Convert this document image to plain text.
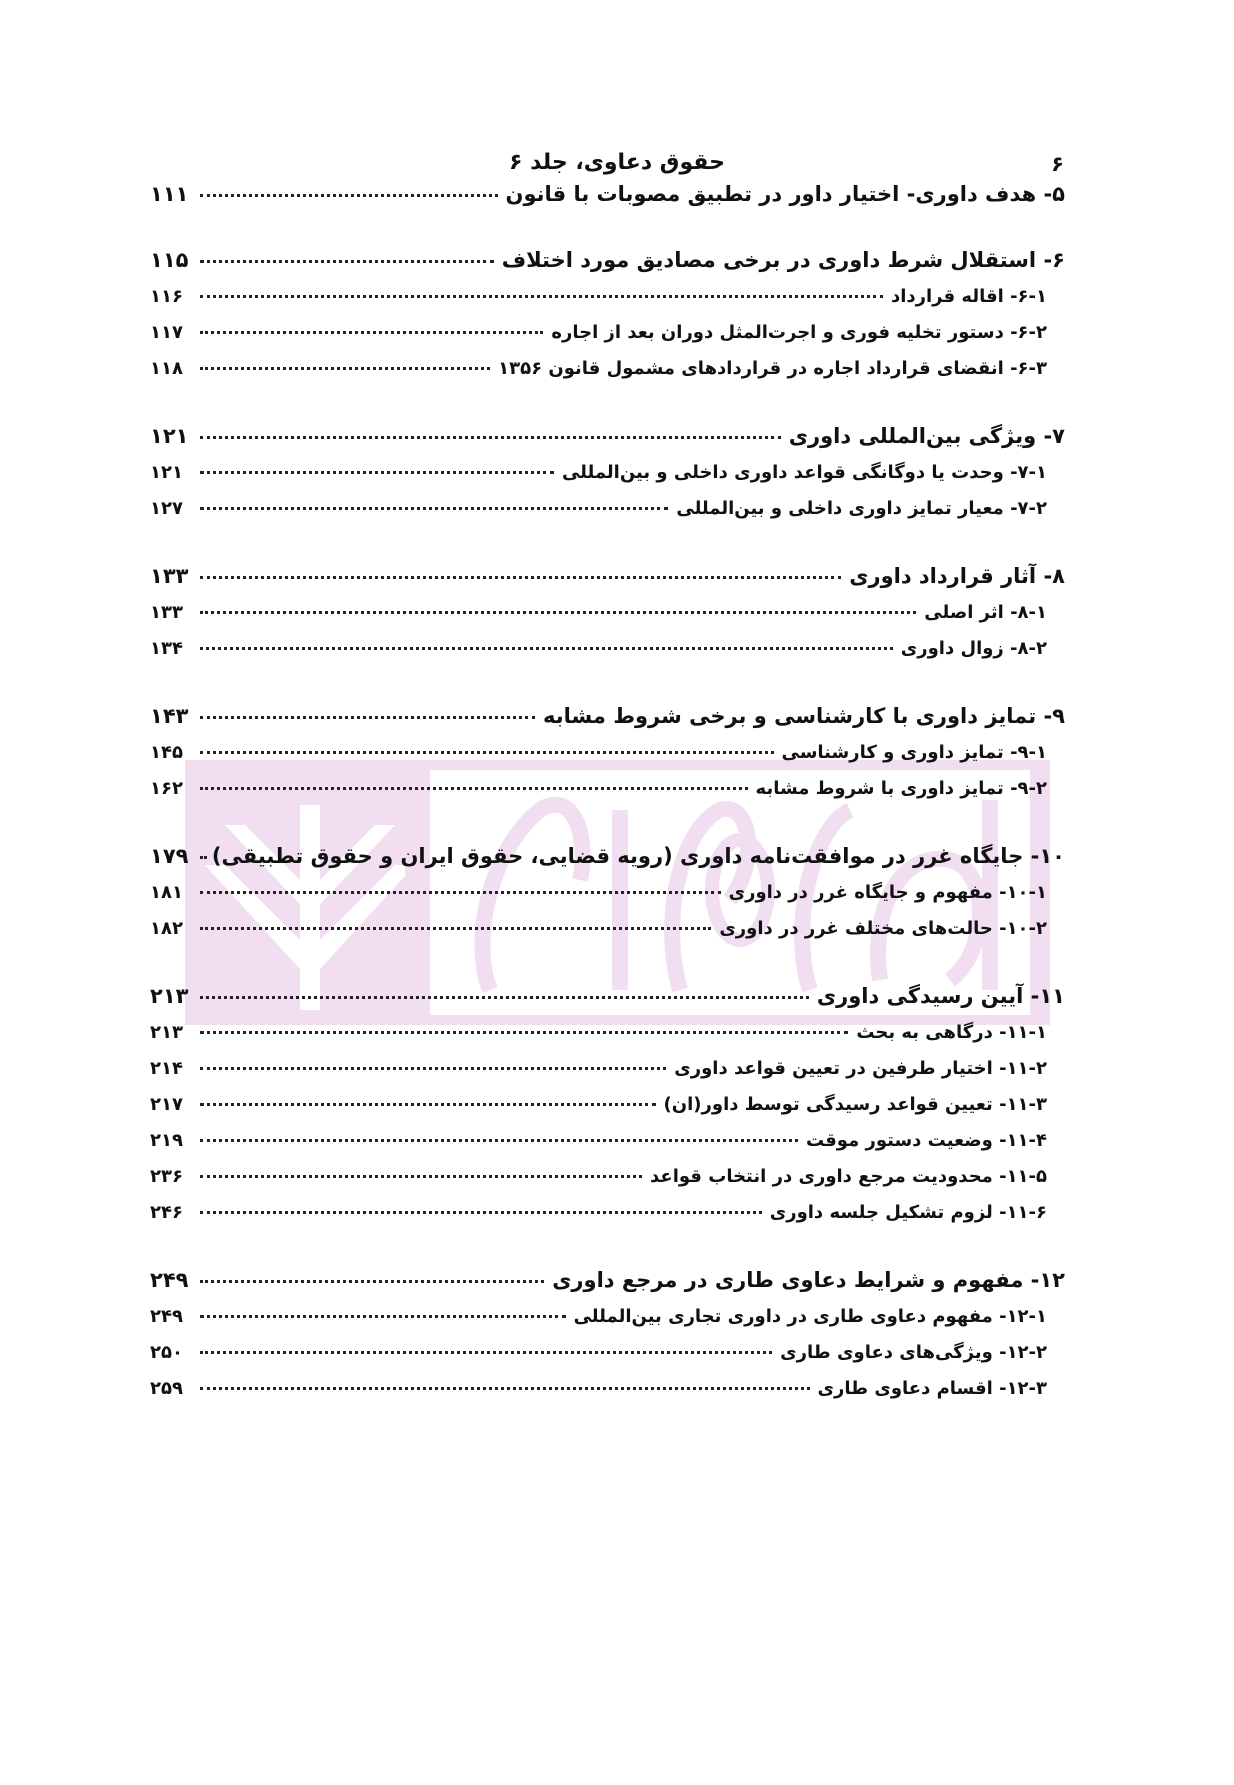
۶
حقوق دعاوی، جلد ۶
۵- هدف داوری- اختیار داور در تطبیق مصوبات با قانون
۱۱۱
۶- استقلال شرط داوری در برخی مصادیق مورد اختلاف
۱۱۵
۶-۱- اقاله قرارداد
۱۱۶
۶-۲- دستور تخلیه فوری و اجرت‌المثل دوران بعد از اجاره
۱۱۷
۶-۳- انقضای قرارداد اجاره در قراردادهای مشمول قانون ۱۳۵۶
۱۱۸
۷- ویژگی بین‌المللی داوری
۱۲۱
۷-۱- وحدت یا دوگانگی قواعد داوری داخلی و بین‌المللی
۱۲۱
۷-۲- معیار تمایز داوری داخلی و بین‌المللی
۱۲۷
۸- آثار قرارداد داوری
۱۳۳
۸-۱- اثر اصلی
۱۳۳
۸-۲- زوال داوری
۱۳۴
۹- تمایز داوری با کارشناسی و برخی شروط مشابه
۱۴۳
۹-۱- تمایز داوری و کارشناسی
۱۴۵
۹-۲- تمایز داوری با شروط مشابه
۱۶۲
۱۰- جایگاه غرر در موافقت‌نامه داوری (رویه قضایی، حقوق ایران و حقوق تطبیقی)
۱۷۹
۱۰-۱- مفهوم و جایگاه غرر در داوری
۱۸۱
۱۰-۲- حالت‌های مختلف غرر در داوری
۱۸۲
۱۱- آیین رسیدگی داوری
۲۱۳
۱۱-۱- درگاهی به بحث
۲۱۳
۱۱-۲- اختیار طرفین در تعیین قواعد داوری
۲۱۴
۱۱-۳- تعیین قواعد رسیدگی توسط داور(ان)
۲۱۷
۱۱-۴- وضعیت دستور موقت
۲۱۹
۱۱-۵- محدودیت مرجع داوری در انتخاب قواعد
۲۳۶
۱۱-۶- لزوم تشکیل جلسه داوری
۲۴۶
۱۲- مفهوم و شرایط دعاوی طاری در مرجع داوری
۲۴۹
۱۲-۱- مفهوم دعاوی طاری در داوری تجاری بین‌المللی
۲۴۹
۱۲-۲- ویژگی‌های دعاوی طاری
۲۵۰
۱۲-۳- اقسام دعاوی طاری
۲۵۹
